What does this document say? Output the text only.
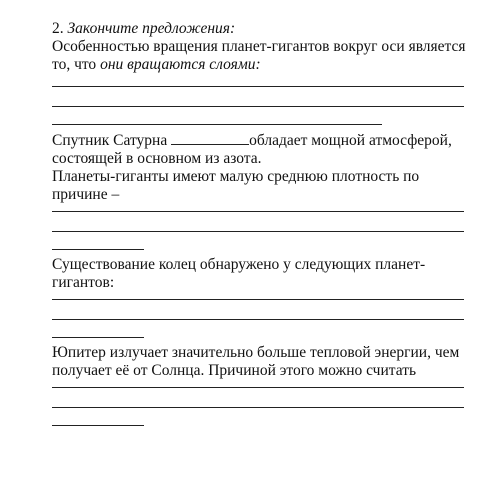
2. Закончите предложения:
Особенностью вращения планет-гигантов вокруг оси является
то, что они вращаются слоями:
Спутник Сатурна	обладает мощной атмосферой,
состоящей в основном из азота.
Планеты-гиганты имеют малую среднюю плотность по
причине –
Существование колец обнаружено у следующих планет-
гигантов:
Юпитер излучает значительно больше тепловой энергии, чем
получает её от Солнца. Причиной этого можно считать
